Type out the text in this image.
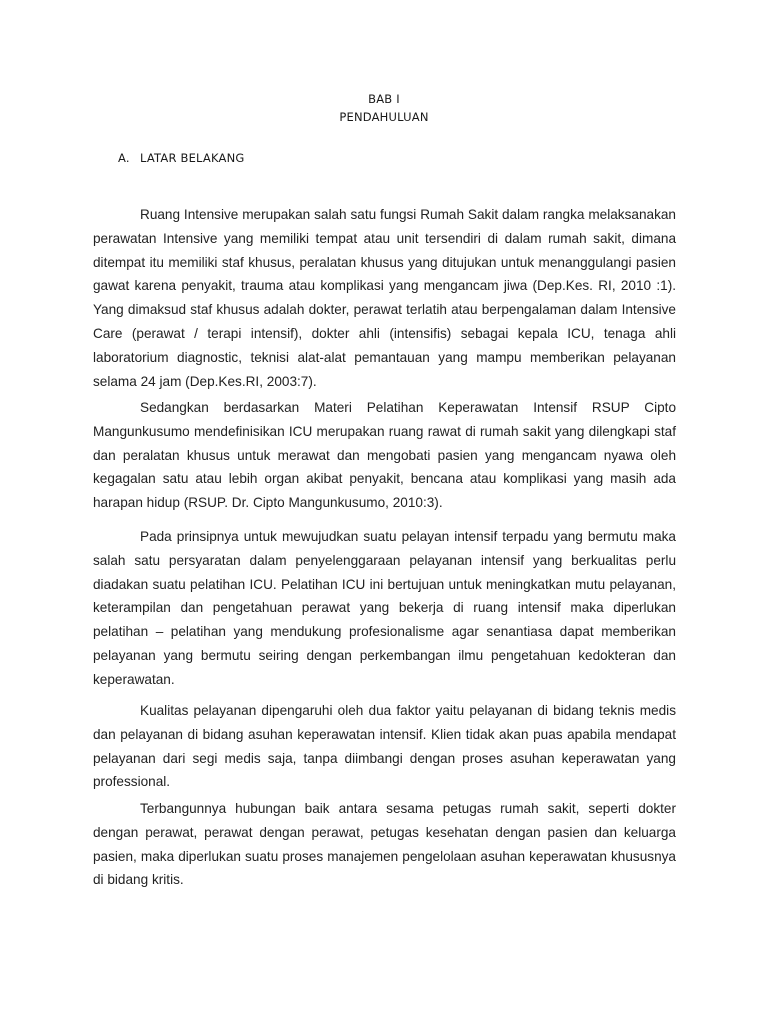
BAB I
PENDAHULUAN
A. LATAR BELAKANG

Ruang Intensive merupakan salah satu fungsi Rumah Sakit dalam rangka melaksanakan perawatan Intensive yang memiliki tempat atau unit tersendiri di dalam rumah sakit, dimana ditempat itu memiliki staf khusus, peralatan khusus yang ditujukan untuk menanggulangi pasien gawat karena penyakit, trauma atau komplikasi yang mengancam jiwa (Dep.Kes. RI, 2010 :1). Yang dimaksud staf khusus adalah dokter, perawat terlatih atau berpengalaman dalam Intensive Care (perawat / terapi intensif), dokter ahli (intensifis) sebagai kepala ICU, tenaga ahli laboratorium diagnostic, teknisi alat-alat pemantauan yang mampu memberikan pelayanan selama 24 jam (Dep.Kes.RI, 2003:7).

Sedangkan berdasarkan Materi Pelatihan Keperawatan Intensif RSUP Cipto Mangunkusumo mendefinisikan ICU merupakan ruang rawat di rumah sakit yang dilengkapi staf dan peralatan khusus untuk merawat dan mengobati pasien yang mengancam nyawa oleh kegagalan satu atau lebih organ akibat penyakit, bencana atau komplikasi yang masih ada harapan hidup (RSUP. Dr. Cipto Mangunkusumo, 2010:3).

Pada prinsipnya untuk mewujudkan suatu pelayan intensif terpadu yang bermutu maka salah satu persyaratan dalam penyelenggaraan pelayanan intensif yang berkualitas perlu diadakan suatu pelatihan ICU. Pelatihan ICU ini bertujuan untuk meningkatkan mutu pelayanan, keterampilan dan pengetahuan perawat yang bekerja di ruang intensif maka diperlukan pelatihan – pelatihan yang mendukung profesionalisme agar senantiasa dapat memberikan pelayanan yang bermutu seiring dengan perkembangan ilmu pengetahuan kedokteran dan keperawatan.

Kualitas pelayanan dipengaruhi oleh dua faktor yaitu pelayanan di bidang teknis medis dan pelayanan di bidang asuhan keperawatan intensif. Klien tidak akan puas apabila mendapat pelayanan dari segi medis saja, tanpa diimbangi dengan proses asuhan keperawatan yang professional.

Terbangunnya hubungan baik antara sesama petugas rumah sakit, seperti dokter dengan perawat, perawat dengan perawat, petugas kesehatan dengan pasien dan keluarga pasien, maka diperlukan suatu proses manajemen pengelolaan asuhan keperawatan khususnya di bidang kritis.
